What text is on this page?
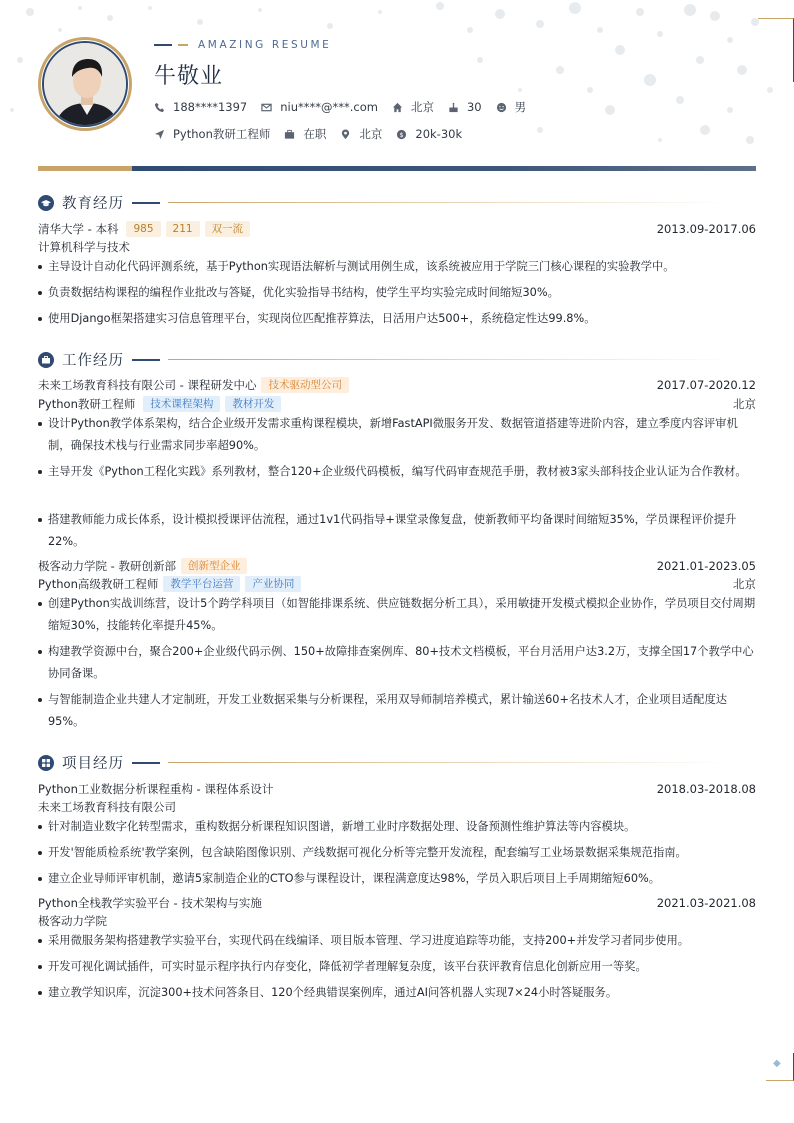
◆
AMAZING RESUME
牛敬业
188****1397	niu****@***.com	北京	30	男
Python教研工程师	在职	北京 $ 20k-30k
教育经历
清华大学 - 本科	985	211	双一流	2013.09-2017.06
计算机科学与技术
主导设计自动化代码评测系统，基于Python实现语法解析与测试用例生成，该系统被应用于学院三门核心课程的实验教学中。
负责数据结构课程的编程作业批改与答疑，优化实验指导书结构，使学生平均实验完成时间缩短30%。
使用Django框架搭建实习信息管理平台，实现岗位匹配推荐算法，日活用户达500+，系统稳定性达99.8%。
工作经历
未来工场教育科技有限公司 - 课程研发中心	技术驱动型公司	2017.07-2020.12
Python教研工程师	技术课程架构	教材开发	北京
设计Python教学体系架构，结合企业级开发需求重构课程模块，新增FastAPI微服务开发、数据管道搭建等进阶内容，建立季度内容评审机制，确保技术栈与行业需求同步率超90%。
主导开发《Python工程化实践》系列教材，整合120+企业级代码模板，编写代码审查规范手册，教材被3家头部科技企业认证为合作教材。
搭建教师能力成长体系，设计模拟授课评估流程，通过1v1代码指导+课堂录像复盘，使新教师平均备课时间缩短35%，学员课程评价提升22%。
极客动力学院 - 教研创新部	创新型企业	2021.01-2023.05
Python高级教研工程师	教学平台运营	产业协同	北京
创建Python实战训练营，设计5个跨学科项目（如智能排课系统、供应链数据分析工具），采用敏捷开发模式模拟企业协作，学员项目交付周期缩短30%，技能转化率提升45%。
构建教学资源中台，聚合200+企业级代码示例、150+故障排查案例库、80+技术文档模板，平台月活用户达3.2万，支撑全国17个教学中心协同备课。
与智能制造企业共建人才定制班，开发工业数据采集与分析课程，采用双导师制培养模式，累计输送60+名技术人才，企业项目适配度达95%。
项目经历
Python工业数据分析课程重构 - 课程体系设计	2018.03-2018.08
未来工场教育科技有限公司
针对制造业数字化转型需求，重构数据分析课程知识图谱，新增工业时序数据处理、设备预测性维护算法等内容模块。
开发'智能质检系统'教学案例，包含缺陷图像识别、产线数据可视化分析等完整开发流程，配套编写工业场景数据采集规范指南。
建立企业导师评审机制，邀请5家制造企业的CTO参与课程设计，课程满意度达98%，学员入职后项目上手周期缩短60%。
Python全栈教学实验平台 - 技术架构与实施	2021.03-2021.08
极客动力学院
采用微服务架构搭建教学实验平台，实现代码在线编译、项目版本管理、学习进度追踪等功能，支持200+并发学习者同步使用。
开发可视化调试插件，可实时显示程序执行内存变化，降低初学者理解复杂度，该平台获评教育信息化创新应用一等奖。
建立教学知识库，沉淀300+技术问答条目、120个经典错误案例库，通过AI问答机器人实现7×24小时答疑服务。
